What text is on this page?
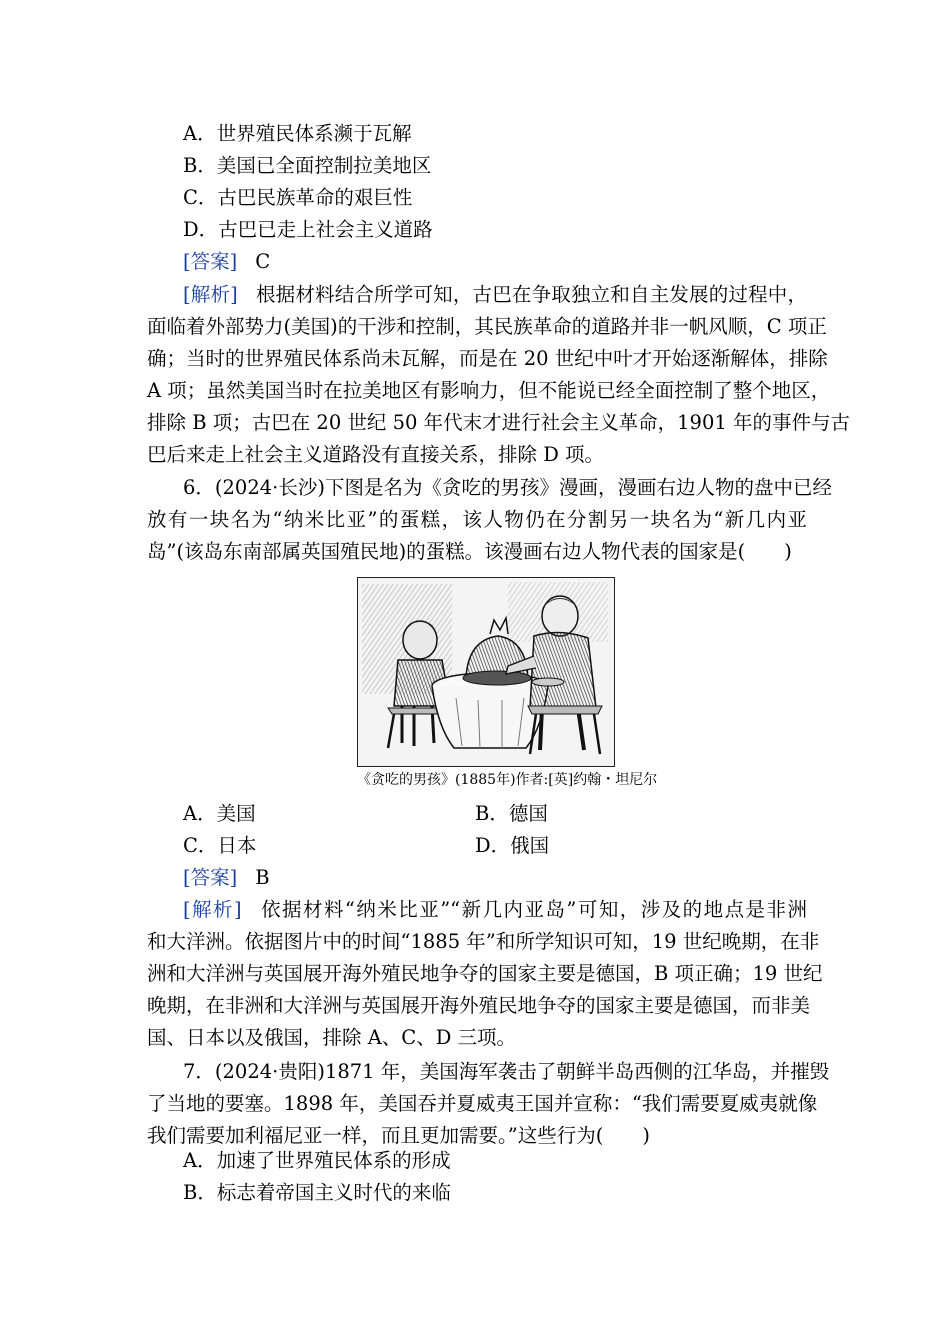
A．世界殖民体系濒于瓦解
B．美国已全面控制拉美地区
C．古巴民族革命的艰巨性
D．古巴已走上社会主义道路
[答案] C
[解析] 根据材料结合所学可知，古巴在争取独立和自主发展的过程中，
面临着外部势力(美国)的干涉和控制，其民族革命的道路并非一帆风顺，C 项正
确；当时的世界殖民体系尚未瓦解，而是在 20 世纪中叶才开始逐渐解体，排除
A 项；虽然美国当时在拉美地区有影响力，但不能说已经全面控制了整个地区，
排除 B 项；古巴在 20 世纪 50 年代末才进行社会主义革命，1901 年的事件与古
巴后来走上社会主义道路没有直接关系，排除 D 项。
6．(2024·长沙)下图是名为《贪吃的男孩》漫画，漫画右边人物的盘中已经
放有一块名为“纳米比亚”的蛋糕，该人物仍在分割另一块名为“新几内亚
岛”(该岛东南部属英国殖民地)的蛋糕。该漫画右边人物代表的国家是(　　)
《贪吃的男孩》(1885年)作者:[英]约翰・坦尼尔
A．美国	B．德国
C．日本	D．俄国
[答案] B
[解析] 依据材料“纳米比亚”“新几内亚岛”可知，涉及的地点是非洲
和大洋洲。依据图片中的时间“1885 年”和所学知识可知，19 世纪晚期，在非
洲和大洋洲与英国展开海外殖民地争夺的国家主要是德国，B 项正确；19 世纪
晚期，在非洲和大洋洲与英国展开海外殖民地争夺的国家主要是德国，而非美
国、日本以及俄国，排除 A、C、D 三项。
7．(2024·贵阳)1871 年，美国海军袭击了朝鲜半岛西侧的江华岛，并摧毁
了当地的要塞。1898 年，美国吞并夏威夷王国并宣称：“我们需要夏威夷就像
我们需要加利福尼亚一样，而且更加需要。”这些行为(　　)
A．加速了世界殖民体系的形成
B．标志着帝国主义时代的来临
